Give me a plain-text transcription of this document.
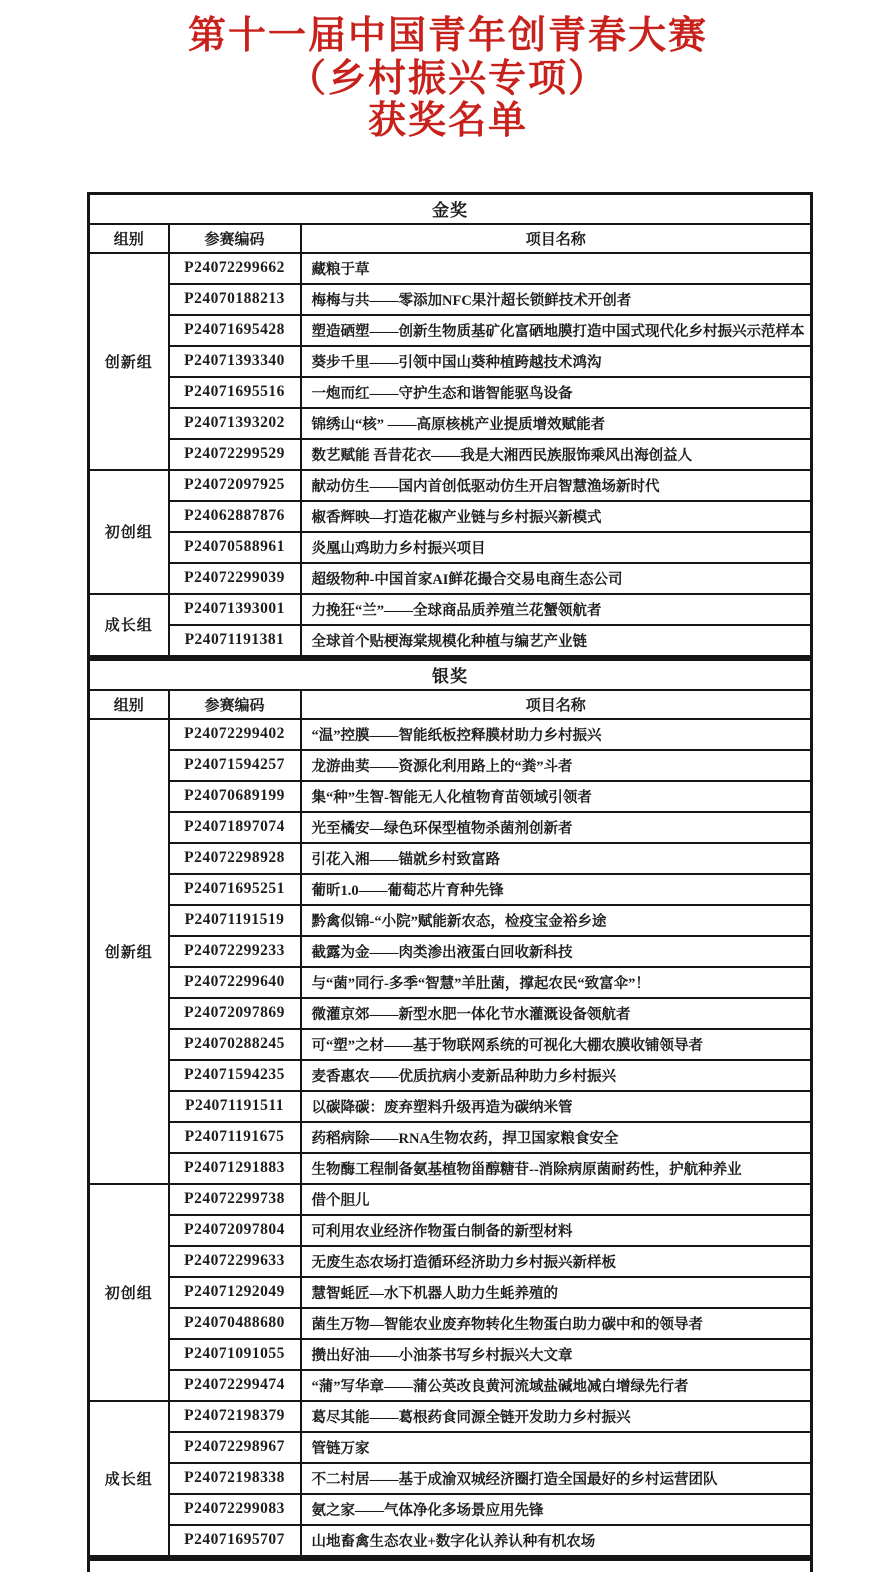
第十一届中国青年创青春大赛
（乡村振兴专项）
获奖名单
金奖		
组别	参赛编码	项目名称
创新组	P24072299662	藏粮于草
	P24070188213	梅梅与共——零添加NFC果汁超长锁鲜技术开创者
	P24071695428	塑造硒塑——创新生物质基矿化富硒地膜打造中国式现代化乡村振兴示范样本
	P24071393340	葵步千里——引领中国山葵种植跨越技术鸿沟
	P24071695516	一炮而红——守护生态和谐智能驱鸟设备
	P24071393202	锦绣山“核” ——高原核桃产业提质增效赋能者
	P24072299529	数艺赋能 吾昔花衣——我是大湘西民族服饰乘风出海创益人
初创组	P24072097925	献动仿生——国内首创低驱动仿生开启智慧渔场新时代
	P24062887876	椒香辉映—打造花椒产业链与乡村振兴新模式
	P24070588961	炎凰山鸡助力乡村振兴项目
	P24072299039	超级物种-中国首家AI鲜花撮合交易电商生态公司
成长组	P24071393001	力挽狂“兰”——全球商品质养殖兰花蟹领航者
	P24071191381	全球首个贴梗海棠规模化种植与编艺产业链
银奖		
组别	参赛编码	项目名称
创新组	P24072299402	“温”控膜——智能纸板控释膜材助力乡村振兴
	P24071594257	龙游曲荬——资源化利用路上的“粪”斗者
	P24070689199	集“种”生智-智能无人化植物育苗领域引领者
	P24071897074	光至橘安—绿色环保型植物杀菌剂创新者
	P24072298928	引花入湘——锚就乡村致富路
	P24071695251	葡昕1.0——葡萄芯片育种先锋
	P24071191519	黔禽似锦-“小院”赋能新农态，检疫宝金裕乡途
	P24072299233	截露为金——肉类渗出液蛋白回收新科技
	P24072299640	与“菌”同行-多季“智慧”羊肚菌，撑起农民“致富伞”！
	P24072097869	微灌京郊——新型水肥一体化节水灌溉设备领航者
	P24070288245	可“塑”之材——基于物联网系统的可视化大棚农膜收铺领导者
	P24071594235	麦香惠农——优质抗病小麦新品种助力乡村振兴
	P24071191511	以碳降碳：废弃塑料升级再造为碳纳米管
	P24071191675	药稻病除——RNA生物农药，捍卫国家粮食安全
	P24071291883	生物酶工程制备氨基植物甾醇糖苷--消除病原菌耐药性，护航种养业
初创组	P24072299738	借个胆儿
	P24072097804	可利用农业经济作物蛋白制备的新型材料
	P24072299633	无废生态农场打造循环经济助力乡村振兴新样板
	P24071292049	慧智蚝匠—水下机器人助力生蚝养殖的
	P24070488680	菌生万物—智能农业废弃物转化生物蛋白助力碳中和的领导者
	P24071091055	攒出好油——小油茶书写乡村振兴大文章
	P24072299474	“蒲”写华章——蒲公英改良黄河流域盐碱地减白增绿先行者
成长组	P24072198379	葛尽其能——葛根药食同源全链开发助力乡村振兴
	P24072298967	管链万家
	P24072198338	不二村居——基于成渝双城经济圈打造全国最好的乡村运营团队
	P24072299083	氨之家——气体净化多场景应用先锋
	P24071695707	山地畜禽生态农业+数字化认养认种有机农场
